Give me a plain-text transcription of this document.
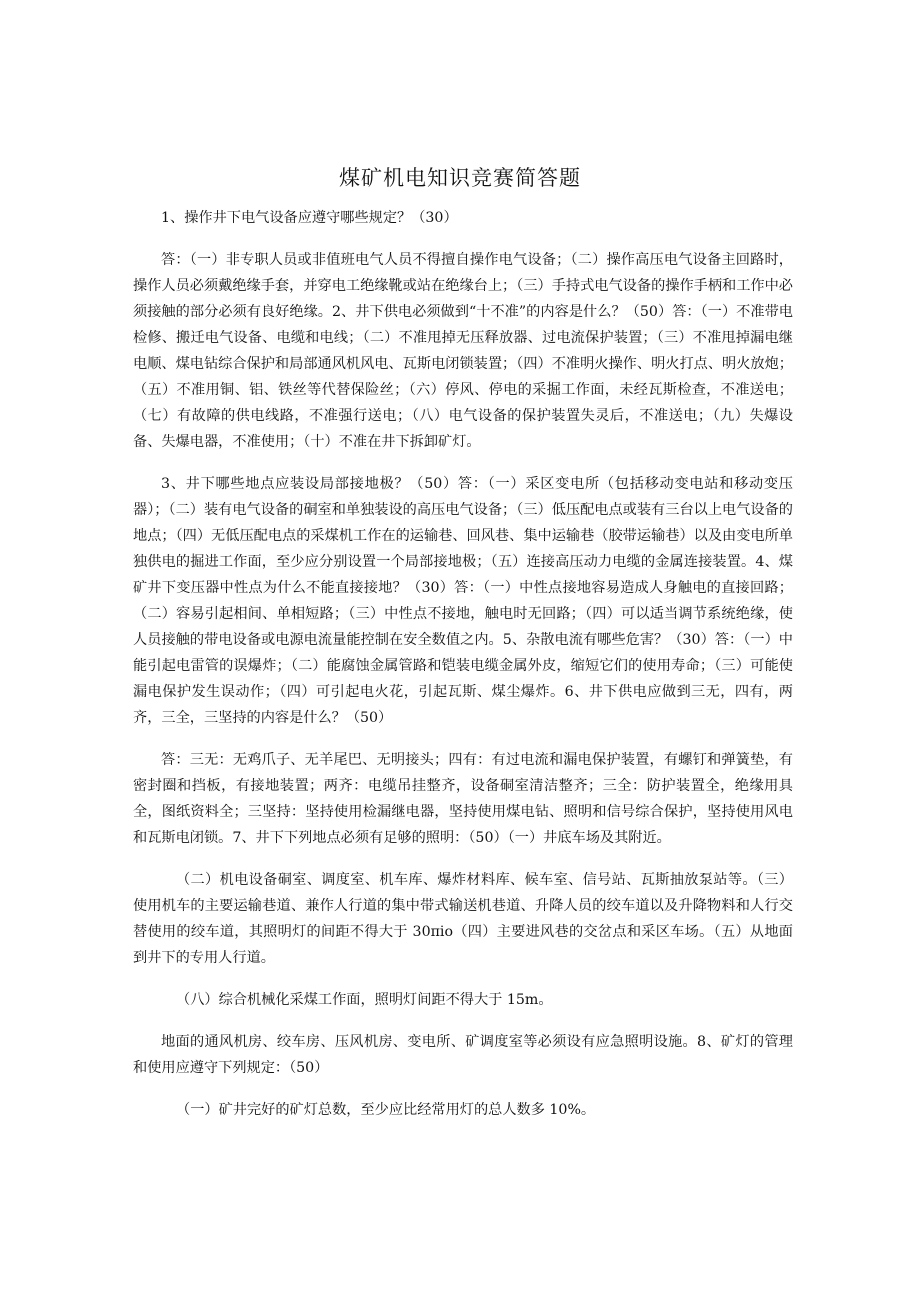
煤矿机电知识竞赛简答题

1、操作井下电气设备应遵守哪些规定？（30）

答：（一）非专职人员或非值班电气人员不得擅自操作电气设备；（二）操作高压电气设备主回路时，操作人员必须戴绝缘手套，并穿电工绝缘靴或站在绝缘台上；（三）手持式电气设备的操作手柄和工作中必须接触的部分必须有良好绝缘。2、井下供电必须做到“十不准”的内容是什么？（50）答：（一）不准带电检修、搬迁电气设备、电缆和电线；（二）不准甩掉无压释放器、过电流保护装置；（三）不准甩掉漏电继电顺、煤电钻综合保护和局部通风机风电、瓦斯电闭锁装置；（四）不准明火操作、明火打点、明火放炮；（五）不准用铜、铝、铁丝等代替保险丝；（六）停风、停电的采掘工作面，未经瓦斯检查，不准送电；（七）有故障的供电线路，不准强行送电；（八）电气设备的保护装置失灵后，不准送电；（九）失爆设备、失爆电器，不准使用；（十）不准在井下拆卸矿灯。

3、井下哪些地点应装设局部接地极？（50）答：（一）采区变电所（包括移动变电站和移动变压器）；（二）装有电气设备的硐室和单独装设的高压电气设备；（三）低压配电点或装有三台以上电气设备的地点；（四）无低压配电点的采煤机工作在的运输巷、回风巷、集中运输巷（胶带运输巷）以及由变电所单独供电的掘进工作面，至少应分别设置一个局部接地极；（五）连接高压动力电缆的金属连接装置。4、煤矿井下变压器中性点为什么不能直接接地？（30）答：（一）中性点接地容易造成人身触电的直接回路；（二）容易引起相间、单相短路；（三）中性点不接地，触电时无回路；（四）可以适当调节系统绝缘，使人员接触的带电设备或电源电流量能控制在安全数值之内。5、杂散电流有哪些危害？（30）答：（一）中能引起电雷管的误爆炸；（二）能腐蚀金属管路和铠装电缆金属外皮，缩短它们的使用寿命；（三）可能使漏电保护发生误动作；（四）可引起电火花，引起瓦斯、煤尘爆炸。6、井下供电应做到三无，四有，两齐，三全，三坚持的内容是什么？（50）

答：三无：无鸡爪子、无羊尾巴、无明接头；四有：有过电流和漏电保护装置，有螺钉和弹簧垫，有密封圈和挡板，有接地装置；两齐：电缆吊挂整齐，设备硐室清洁整齐；三全：防护装置全，绝缘用具全，图纸资料全；三坚持：坚持使用检漏继电器，坚持使用煤电钻、照明和信号综合保护，坚持使用风电和瓦斯电闭锁。7、井下下列地点必须有足够的照明：（50）（一）井底车场及其附近。

（二）机电设备硐室、调度室、机车库、爆炸材料库、候车室、信号站、瓦斯抽放泵站等。（三）使用机车的主要运输巷道、兼作人行道的集中带式输送机巷道、升降人员的绞车道以及升降物料和人行交替使用的绞车道，其照明灯的间距不得大于 30πio（四）主要进风巷的交岔点和采区车场。（五）从地面到井下的专用人行道。

（八）综合机械化采煤工作面，照明灯间距不得大于 15m。

地面的通风机房、绞车房、压风机房、变电所、矿调度室等必须设有应急照明设施。8、矿灯的管理和使用应遵守下列规定：（50）

（一）矿井完好的矿灯总数，至少应比经常用灯的总人数多 10%。
